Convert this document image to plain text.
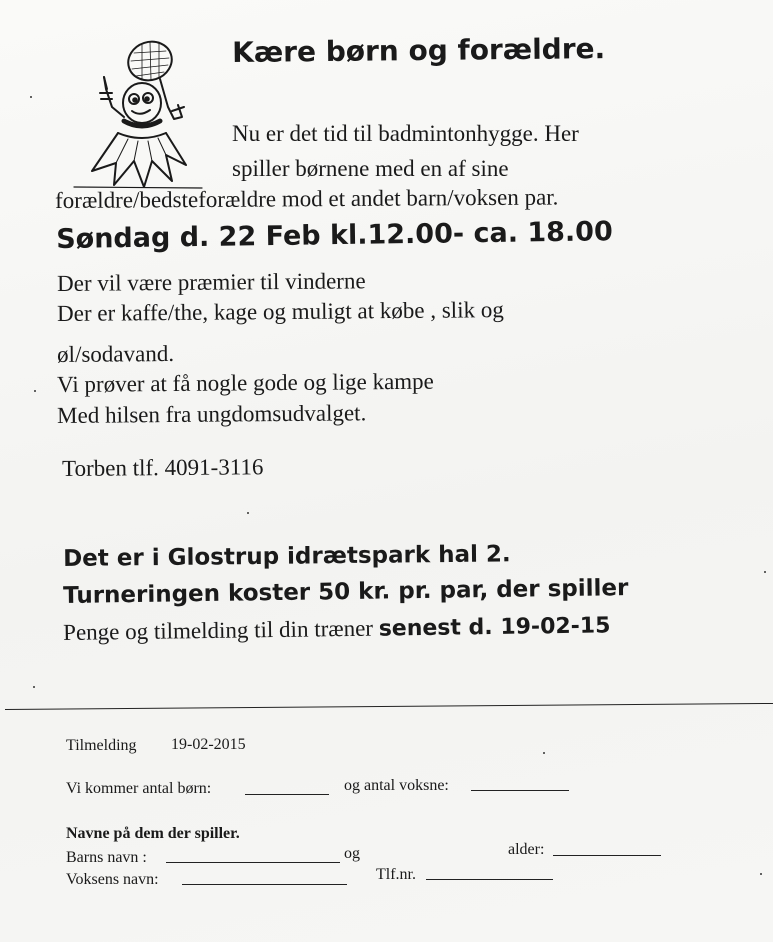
Kære børn og forældre.
Nu er det tid til badmintonhygge. Her
spiller børnene med en af sine
forældre/bedsteforældre mod et andet barn/voksen par.
Søndag d. 22 Feb kl.12.00- ca. 18.00
Der vil være præmier til vinderne
Der er kaffe/the, kage og muligt at købe , slik og
øl/sodavand.
Vi prøver at få nogle gode og lige kampe
Med hilsen fra ungdomsudvalget.
Torben tlf. 4091-3116
Det er i Glostrup idrætspark hal 2.
Turneringen koster 50 kr. pr. par, der spiller
Penge og tilmelding til din træner senest d. 19-02-15
Tilmelding 19-02-2015
Vi kommer antal børn:	og antal voksne:
Navne på dem der spiller.
Barns navn :	og	alder:
Voksens navn:	Tlf.nr.
